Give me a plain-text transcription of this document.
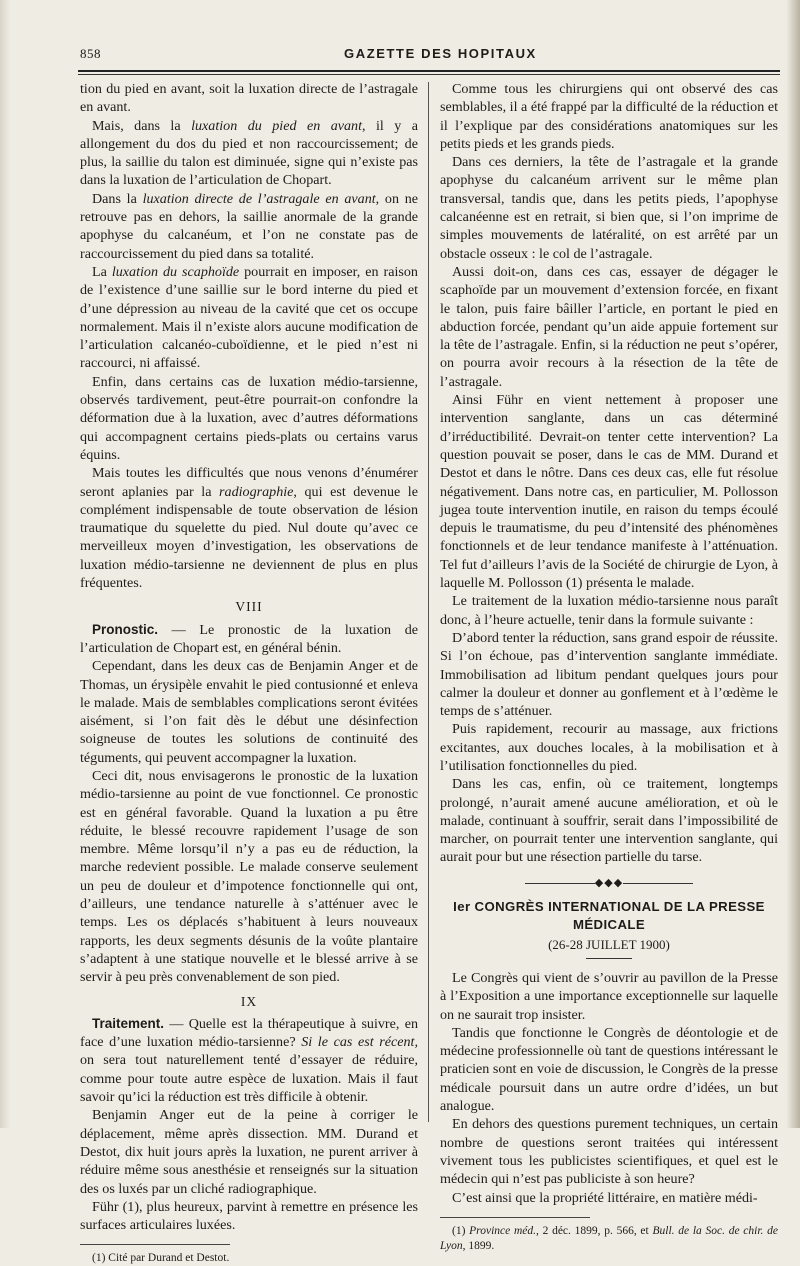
858	GAZETTE DES HOPITAUX

tion du pied en avant, soit la luxation directe de l’astragale en avant.

Mais, dans la luxation du pied en avant, il y a allongement du dos du pied et non raccourcissement; de plus, la saillie du talon est diminuée, signe qui n’existe pas dans la luxation de l’articulation de Chopart.

Dans la luxation directe de l’astragale en avant, on ne retrouve pas en dehors, la saillie anormale de la grande apophyse du calcanéum, et l’on ne constate pas de raccourcissement du pied dans sa totalité.

La luxation du scaphoïde pourrait en imposer, en raison de l’existence d’une saillie sur le bord interne du pied et d’une dépression au niveau de la cavité que cet os occupe normalement. Mais il n’existe alors aucune modification de l’articulation calcanéo-cuboïdienne, et le pied n’est ni raccourci, ni affaissé.

Enfin, dans certains cas de luxation médio-tarsienne, observés tardivement, peut-être pourrait-on confondre la déformation due à la luxation, avec d’autres déformations qui accompagnent certains pieds-plats ou certains varus équins.

Mais toutes les difficultés que nous venons d’énumérer seront aplanies par la radiographie, qui est devenue le complément indispensable de toute observation de lésion traumatique du squelette du pied. Nul doute qu’avec ce merveilleux moyen d’investigation, les observations de luxation médio-tarsienne ne deviennent de plus en plus fréquentes.

VIII

Pronostic. — Le pronostic de la luxation de l’articulation de Chopart est, en général bénin.

Cependant, dans les deux cas de Benjamin Anger et de Thomas, un érysipèle envahit le pied contusionné et enleva le malade. Mais de semblables complications seront évitées aisément, si l’on fait dès le début une désinfection soigneuse de toutes les solutions de continuité des téguments, qui peuvent accompagner la luxation.

Ceci dit, nous envisagerons le pronostic de la luxation médio-tarsienne au point de vue fonctionnel. Ce pronostic est en général favorable. Quand la luxation a pu être réduite, le blessé recouvre rapidement l’usage de son membre. Même lorsqu’il n’y a pas eu de réduction, la marche redevient possible. Le malade conserve seulement un peu de douleur et d’impotence fonctionnelle qui ont, d’ailleurs, une tendance naturelle à s’atténuer avec le temps. Les os déplacés s’habituent à leurs nouveaux rapports, les deux segments désunis de la voûte plantaire s’adaptent à une statique nouvelle et le blessé arrive à se servir à peu près convenablement de son pied.

IX

Traitement. — Quelle est la thérapeutique à suivre, en face d’une luxation médio-tarsienne? Si le cas est récent, on sera tout naturellement tenté d’essayer de réduire, comme pour toute autre espèce de luxation. Mais il faut savoir qu’ici la réduction est très difficile à obtenir.

Benjamin Anger eut de la peine à corriger le déplacement, même après dissection. MM. Durand et Destot, dix huit jours après la luxation, ne purent arriver à réduire même sous anesthésie et renseignés sur la situation des os luxés par un cliché radiographique.

Führ (1), plus heureux, parvint à remettre en présence les surfaces articulaires luxées.

(1) Cité par Durand et Destot.

Comme tous les chirurgiens qui ont observé des cas semblables, il a été frappé par la difficulté de la réduction et il l’explique par des considérations anatomiques sur les petits pieds et les grands pieds.

Dans ces derniers, la tête de l’astragale et la grande apophyse du calcanéum arrivent sur le même plan transversal, tandis que, dans les petits pieds, l’apophyse calcanéenne est en retrait, si bien que, si l’on imprime de simples mouvements de latéralité, on est arrêté par un obstacle osseux : le col de l’astragale.

Aussi doit-on, dans ces cas, essayer de dégager le scaphoïde par un mouvement d’extension forcée, en fixant le talon, puis faire bâiller l’article, en portant le pied en abduction forcée, pendant qu’un aide appuie fortement sur la tête de l’astragale. Enfin, si la réduction ne peut s’opérer, on pourra avoir recours à la résection de la tête de l’astragale.

Ainsi Führ en vient nettement à proposer une intervention sanglante, dans un cas déterminé d’irréductibilité. Devrait-on tenter cette intervention? La question pouvait se poser, dans le cas de MM. Durand et Destot et dans le nôtre. Dans ces deux cas, elle fut résolue négativement. Dans notre cas, en particulier, M. Pollosson jugea toute intervention inutile, en raison du temps écoulé depuis le traumatisme, du peu d’intensité des phénomènes fonctionnels et de leur tendance manifeste à l’atténuation. Tel fut d’ailleurs l’avis de la Société de chirurgie de Lyon, à laquelle M. Pollosson (1) présenta le malade.

Le traitement de la luxation médio-tarsienne nous paraît donc, à l’heure actuelle, tenir dans la formule suivante :

D’abord tenter la réduction, sans grand espoir de réussite. Si l’on échoue, pas d’intervention sanglante immédiate. Immobilisation ad libitum pendant quelques jours pour calmer la douleur et donner au gonflement et à l’œdème le temps de s’atténuer.

Puis rapidement, recourir au massage, aux frictions excitantes, aux douches locales, à la mobilisation et à l’utilisation fonctionnelles du pied.

Dans les cas, enfin, où ce traitement, longtemps prolongé, n’aurait amené aucune amélioration, et où le malade, continuant à souffrir, serait dans l’impossibilité de marcher, on pourrait tenter une intervention sanglante, qui aurait pour but une résection partielle du tarse.

◆◆◆
Ier CONGRÈS INTERNATIONAL DE LA PRESSE MÉDICALE
(26-28 JUILLET 1900)

Le Congrès qui vient de s’ouvrir au pavillon de la Presse à l’Exposition a une importance exceptionnelle sur laquelle on ne saurait trop insister.

Tandis que fonctionne le Congrès de déontologie et de médecine professionnelle où tant de questions intéressant le praticien sont en voie de discussion, le Congrès de la presse médicale poursuit dans un autre ordre d’idées, un but analogue.

En dehors des questions purement techniques, un certain nombre de questions seront traitées qui intéressent vivement tous les publicistes scientifiques, et quel est le médecin qui n’est pas publiciste à son heure?

C’est ainsi que la propriété littéraire, en matière médi-

(1) Province méd., 2 déc. 1899, p. 566, et Bull. de la Soc. de chir. de Lyon, 1899.
